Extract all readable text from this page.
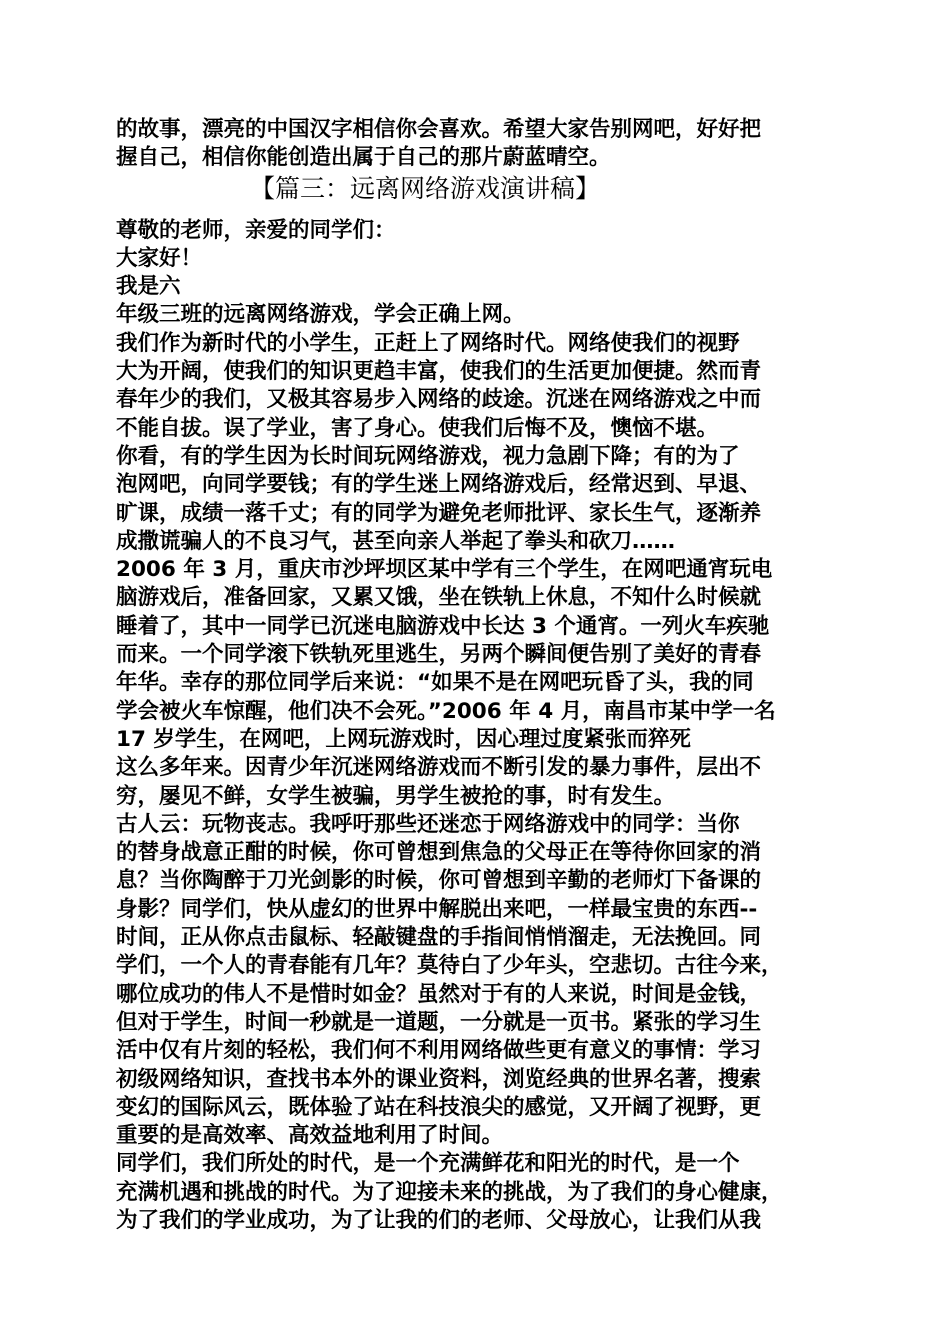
的故事，漂亮的中国汉字相信你会喜欢。希望大家告别网吧，好好把
握自己，相信你能创造出属于自己的那片蔚蓝晴空。
【篇三：远离网络游戏演讲稿】
尊敬的老师，亲爱的同学们：
大家好！
我是六
年级三班的远离网络游戏，学会正确上网。
我们作为新时代的小学生，正赶上了网络时代。网络使我们的视野
大为开阔，使我们的知识更趋丰富，使我们的生活更加便捷。然而青
春年少的我们，又极其容易步入网络的歧途。沉迷在网络游戏之中而
不能自拔。误了学业，害了身心。使我们后悔不及，懊恼不堪。
你看，有的学生因为长时间玩网络游戏，视力急剧下降；有的为了
泡网吧，向同学要钱；有的学生迷上网络游戏后，经常迟到、早退、
旷课，成绩一落千丈；有的同学为避免老师批评、家长生气，逐渐养
成撒谎骗人的不良习气，甚至向亲人举起了拳头和砍刀……
2006 年 3 月，重庆市沙坪坝区某中学有三个学生，在网吧通宵玩电
脑游戏后，准备回家，又累又饿，坐在铁轨上休息，不知什么时候就
睡着了，其中一同学已沉迷电脑游戏中长达 3 个通宵。一列火车疾驰
而来。一个同学滚下铁轨死里逃生，另两个瞬间便告别了美好的青春
年华。幸存的那位同学后来说：“如果不是在网吧玩昏了头，我的同
学会被火车惊醒，他们决不会死。”2006 年 4 月，南昌市某中学一名
17 岁学生，在网吧，上网玩游戏时，因心理过度紧张而猝死
这么多年来。因青少年沉迷网络游戏而不断引发的暴力事件，层出不
穷，屡见不鲜，女学生被骗，男学生被抢的事，时有发生。
古人云：玩物丧志。我呼吁那些还迷恋于网络游戏中的同学：当你
的替身战意正酣的时候，你可曾想到焦急的父母正在等待你回家的消
息？当你陶醉于刀光剑影的时候，你可曾想到辛勤的老师灯下备课的
身影？同学们，快从虚幻的世界中解脱出来吧，一样最宝贵的东西--
时间，正从你点击鼠标、轻敲键盘的手指间悄悄溜走，无法挽回。同
学们，一个人的青春能有几年？莫待白了少年头，空悲切。古往今来，
哪位成功的伟人不是惜时如金？虽然对于有的人来说，时间是金钱，
但对于学生，时间一秒就是一道题，一分就是一页书。紧张的学习生
活中仅有片刻的轻松，我们何不利用网络做些更有意义的事情：学习
初级网络知识，查找书本外的课业资料，浏览经典的世界名著，搜索
变幻的国际风云，既体验了站在科技浪尖的感觉，又开阔了视野，更
重要的是高效率、高效益地利用了时间。
同学们，我们所处的时代，是一个充满鲜花和阳光的时代，是一个
充满机遇和挑战的时代。为了迎接未来的挑战，为了我们的身心健康，
为了我们的学业成功，为了让我的们的老师、父母放心，让我们从我
